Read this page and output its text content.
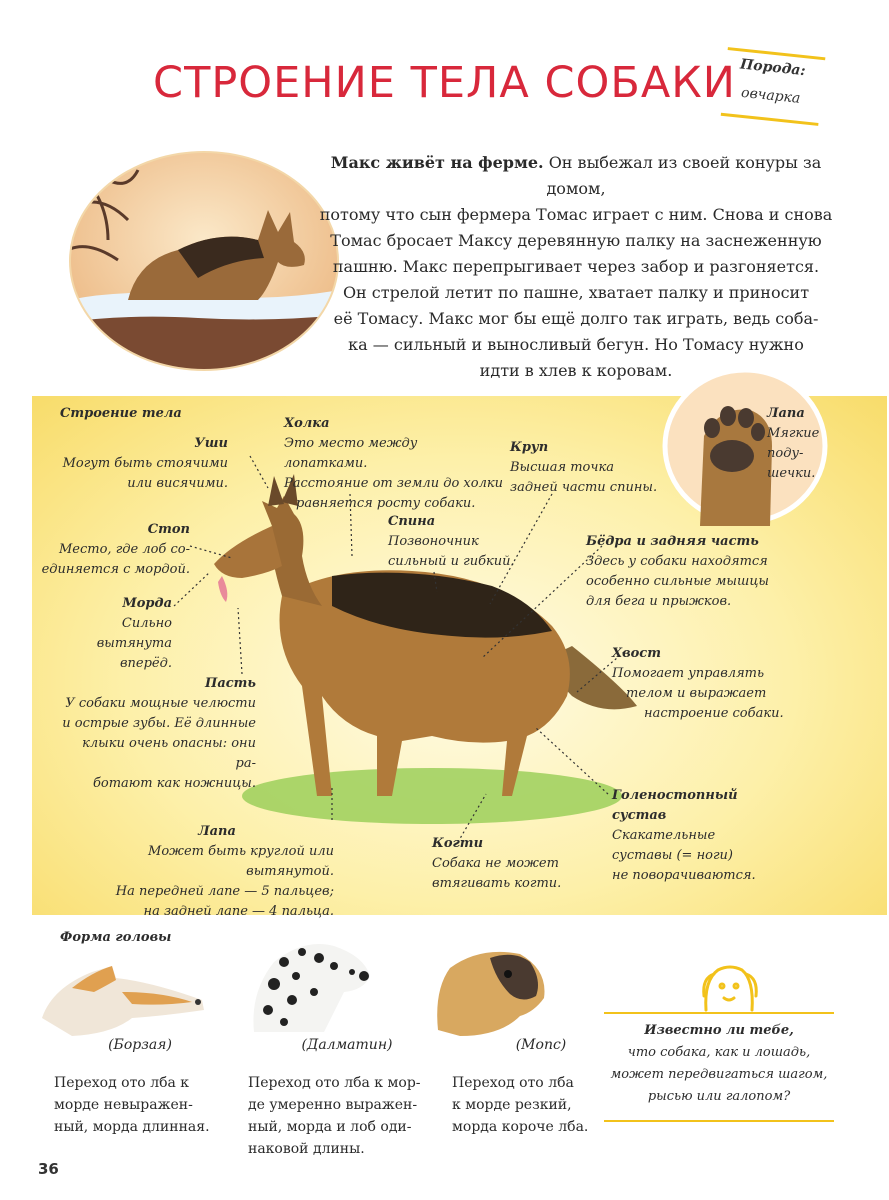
СТРОЕНИЕ ТЕЛА СОБАКИ Порода:
овчарка

Макс живёт на ферме. Он выбежал из своей конуры за домом,

потому что сын фермера Томас играет с ним. Снова и снова

Томас бросает Максу деревянную палку на заснеженную

пашню. Макс перепрыгивает через забор и разгоняется.

Он стрелой летит по пашне, хватает палку и приносит

её Томасу. Макс мог бы ещё долго так играть, ведь соба-

ка — сильный и выносливый бегун. Но Томасу нужно

идти в хлев к коровам.

Лапа
Мягкие
поду-
шечки.
Строение тела
Уши
Могут быть стоячими
или висячими.
Холка
Это место между лопатками.
Расстояние от земли до холки
равняется росту собаки.
Круп
Высшая точка
задней части спины.
Стоп
Место, где лоб со-
единяется с мордой.
Спина
Позвоночник
сильный и гибкий.
Бёдра и задняя часть
Здесь у собаки находятся
особенно сильные мышцы
для бега и прыжков.
Морда
Сильно
вытянута
вперёд.
Хвост
Помогает управлять
телом и выражает
настроение собаки.
Пасть
У собаки мощные челюсти
и острые зубы. Её длинные
клыки очень опасны: они ра-
ботают как ножницы.
Голеностопный сустав
Скакательные
суставы (= ноги)
не поворачиваются.
Лапа
Может быть круглой или вытянутой.
На передней лапе — 5 пальцев;
на задней лапе — 4 пальца.
Когти
Собака не может
втягивать когти.
Форма головы
(Борзая)	(Далматин)	(Мопс)
Переход ото лба к
морде невыражен-
ный, морда длинная.
Переход ото лба к мор-
де умеренно выражен-
ный, морда и лоб оди-
наковой длины.
Переход ото лба
к морде резкий,
морда короче лба.
Известно ли тебе,
что собака, как и лошадь,
может передвигаться шагом,
рысью или галопом?
36
